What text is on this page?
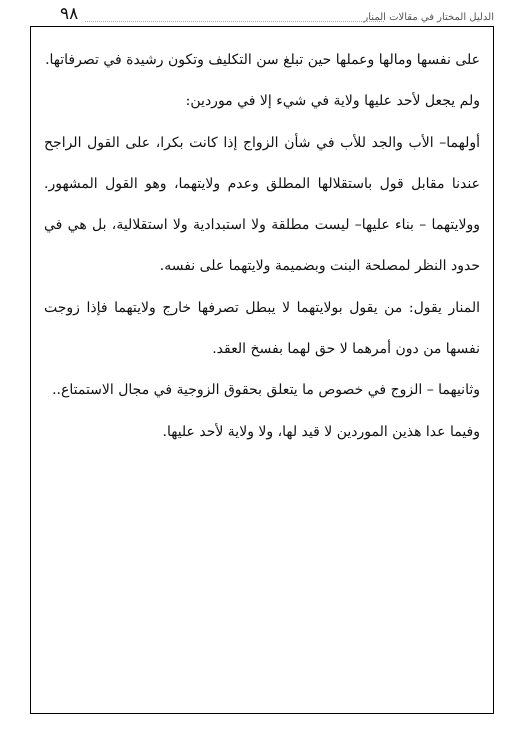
الدليل المختار في مقالات المنار
٩٨

على نفسها ومالها وعملها حين تبلغ سن التكليف وتكون رشيدة في تصرفاتها.

ولم يجعل لأحد عليها ولاية في شيء إلا في موردين:

أولهما– الأب والجد للأب في شأن الزواج إذا كانت بكرا، على القول الراجح عندنا مقابل قول باستقلالها المطلق وعدم ولايتهما، وهو القول المشهور. وولايتهما – بناء عليها– ليست مطلقة ولا استبدادية ولا استقلالية، بل هي في حدود النظر لمصلحة البنت وبضميمة ولايتهما على نفسه.

المنار يقول: من يقول بولايتهما لا يبطل تصرفها خارج ولايتهما فإذا زوجت نفسها من دون أمرهما لا حق لهما بفسخ العقد.

وثانيهما – الزوج في خصوص ما يتعلق بحقوق الزوجية في مجال الاستمتاع..

وفيما عدا هذين الموردين لا قيد لها، ولا ولاية لأحد عليها.
